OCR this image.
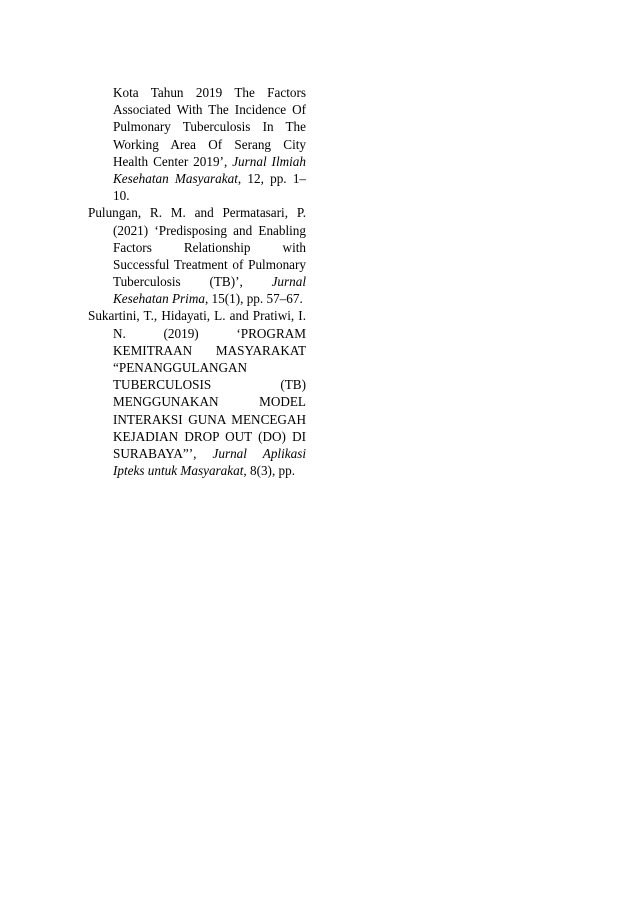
Kota Tahun 2019 The Factors
Associated With The Incidence Of
Pulmonary Tuberculosis In The
Working Area Of Serang City
Health Center 2019’, Jurnal Ilmiah
Kesehatan Masyarakat, 12, pp. 1–
10.
Pulungan, R. M. and Permatasari, P.
(2021) ‘Predisposing and Enabling
Factors Relationship with
Successful Treatment of Pulmonary
Tuberculosis (TB)’, Jurnal
Kesehatan Prima, 15(1), pp. 57–67.
Sukartini, T., Hidayati, L. and Pratiwi, I.
N. (2019) ‘PROGRAM
KEMITRAAN MASYARAKAT
“PENANGGULANGAN
TUBERCULOSIS (TB)
MENGGUNAKAN MODEL
INTERAKSI GUNA MENCEGAH
KEJADIAN DROP OUT (DO) DI
SURABAYA”’, Jurnal Aplikasi
Ipteks untuk Masyarakat, 8(3), pp.
